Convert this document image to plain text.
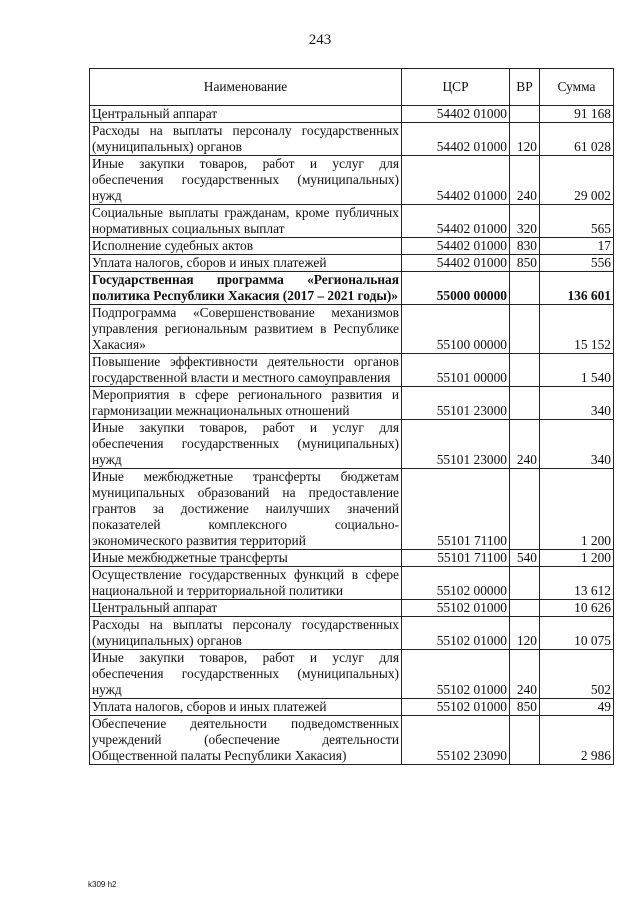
243
Наименование	ЦСР	ВР	Сумма
Центральный аппарат	54402 01000		91 168
Расходы на выплаты персоналу государственных (муниципальных) органов	54402 01000	120	61 028
Иные закупки товаров, работ и услуг для обеспечения государственных (муниципальных) нужд	54402 01000	240	29 002
Социальные выплаты гражданам, кроме публичных нормативных социальных выплат	54402 01000	320	565
Исполнение судебных актов	54402 01000	830	17
Уплата налогов, сборов и иных платежей	54402 01000	850	556
Государственная программа «Региональная политика Республики Хакасия (2017 – 2021 годы)»	55000 00000		136 601
Подпрограмма «Совершенствование механизмов управления региональным развитием в Республике Хакасия»	55100 00000		15 152
Повышение эффективности деятельности органов государственной власти и местного самоуправления	55101 00000		1 540
Мероприятия в сфере регионального развития и гармонизации межнациональных отношений	55101 23000		340
Иные закупки товаров, работ и услуг для обеспечения государственных (муниципальных) нужд	55101 23000	240	340
Иные межбюджетные трансферты бюджетам муниципальных образований на предоставление грантов за достижение наилучших значений показателей комплексного социально-экономического развития территорий	55101 71100		1 200
Иные межбюджетные трансферты	55101 71100	540	1 200
Осуществление государственных функций в сфере национальной и территориальной политики	55102 00000		13 612
Центральный аппарат	55102 01000		10 626
Расходы на выплаты персоналу государственных (муниципальных) органов	55102 01000	120	10 075
Иные закупки товаров, работ и услуг для обеспечения государственных (муниципальных) нужд	55102 01000	240	502
Уплата налогов, сборов и иных платежей	55102 01000	850	49
Обеспечение деятельности подведомственных учреждений (обеспечение деятельности Общественной палаты Республики Хакасия)	55102 23090		2 986
k309 h2
